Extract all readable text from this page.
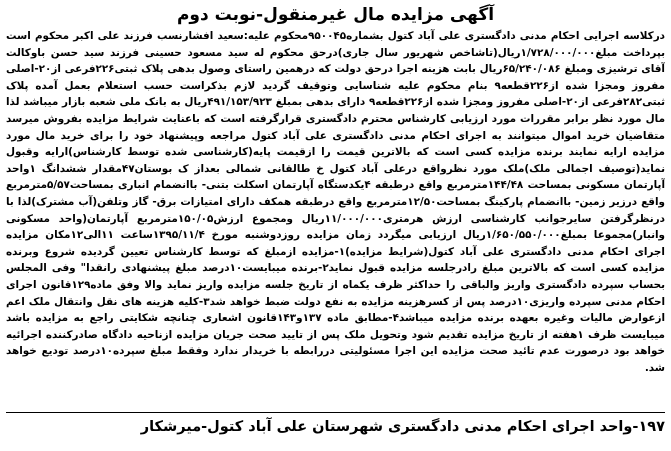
آگهی مزایده مال غیرمنقول-نوبت دوم

درکلاسه اجرایی احکام مدنی دادگستری علی آباد کتول بشماره۹۵۰۰۴۵محکوم علیه:سعید افشارنسب فرزند علی اکبر محکوم است بپرداخت مبلغ۱/۷۲۸/۰۰۰/۰۰۰ریال(تاشاخص شهریور سال جاری)درحق محکوم له سید مسعود حسینی فرزند سید حسن باوکالت آقای ترشیزی ومبلغ ۶۵/۲۴۰/۰۸۶ریال بابت هزینه اجرا درحق دولت که درهمین راستای وصول بدهی پلاک ثبتی۲۲۶فرعی از۲۰-اصلی مفروز ومجزا شده از۲۲۶قطعه۹ بنام محکوم علیه شناسایی وتوقیف گردید لازم بذکراست حسب استعلام بعمل آمده پلاک ثبتی۲۸۲فرعی از۲۰-اصلی مفروز ومجزا شده از۲۲۶قطعه۹ دارای بدهی بمبلغ ۴۹۱/۱۵۳/۹۲۳ریال به بانک ملی شعبه بازار میباشد لذا مال مورد نظر برابر مقررات مورد ارزیابی کارشناس محترم دادگستری قرارگرفته است که باعنایت شرایط مزایده بفروش میرسد متقاضیان خرید اموال میتوانند به اجرای احکام مدنی دادگستری علی آباد کتول مراجعه وپیشنهاد خود را برای خرید مال مورد مزایده ارایه نمایند برنده مزایده کسی است که بالاترین قیمت را ازقیمت پایه(کارشناسی شده توسط کارشناس)ارایه وقبول نماید(توصیف اجمالی ملک)ملک مورد نظرواقع درعلی آباد کتول خ طالقانی شمالی بعداز ک بوستان۴۷مقدار ششدانگ ۱واحد آپارتمان مسکونی بمساحت ۱۴۴/۴۸مترمربع واقع درطبقه ۴یکدستگاه آپارتمان اسکلت بتنی- باانضمام انباری بمساحت۵/۵۷مترمربع واقع درزیر زمین- باانضمام پارکینگ بمساحت۱۲/۵۰مترمربع واقع درطبقه همکف دارای امتیازات برق- گاز وتلفن(آب مشترک)لذا با درنظرگرفتن سایرجوانب کارشناسی ارزش هرمتری۱۱/۰۰۰/۰۰۰ریال ومجموع ارزش۱۵۰/۰۵مترمربع آپارتمان(واحد مسکونی وانبار)مجموعا بمبلغ۱/۶۵۰/۵۵۰/۰۰۰ریال ارزیابی میگردد زمان مزایده روزدوشنبه مورخ ۱۳۹۵/۱۱/۴ساعت ۱۱الی۱۲مکان مزایده اجرای احکام مدنی دادگستری علی آباد کتول(شرایط مزایده)۱-مزایده ازمبلغ که توسط کارشناس تعیین گردیده شروع وبرنده مزایده کسی است که بالاترین مبلغ رادرجلسه مزایده قبول نماید۲-برنده میبایست۱۰درصد مبلغ پیشنهادی رانقدا" وفی المجلس بحساب سپرده دادگستری واریز والباقی را حداکثر ظرف یکماه از تاریخ جلسه مزایده واریز نماید والا وفق ماده۱۲۹قانون اجرای احکام مدنی سپرده واریزی۱۰درصد پس از کسرهزینه مزایده به نفع دولت ضبط خواهد شد۳-کلیه هزینه های نقل وانتقال ملک اعم ازعوارض مالیات وغیره بعهده برنده مزایده میباشد۴-مطابق ماده ۱۳۷و۱۴۳قانون اشعاری چنانچه شکایتی راجع به مزایده باشد میبایست ظرف ۱هفته از تاریخ مزایده تقدیم شود وتحویل ملک پس از تایید صحت جریان مزایده ازناحیه دادگاه صادرکننده اجرائیه خواهد بود درصورت عدم تائید صحت مزایده این اجرا مسئولیتی دررابطه با خریدار ندارد وفقط مبلغ سپرده۱۰درصد تودیع خواهد شد.

۱۹۷-واحد اجرای احکام مدنی دادگستری شهرستان علی آباد کتول-میرشکار
